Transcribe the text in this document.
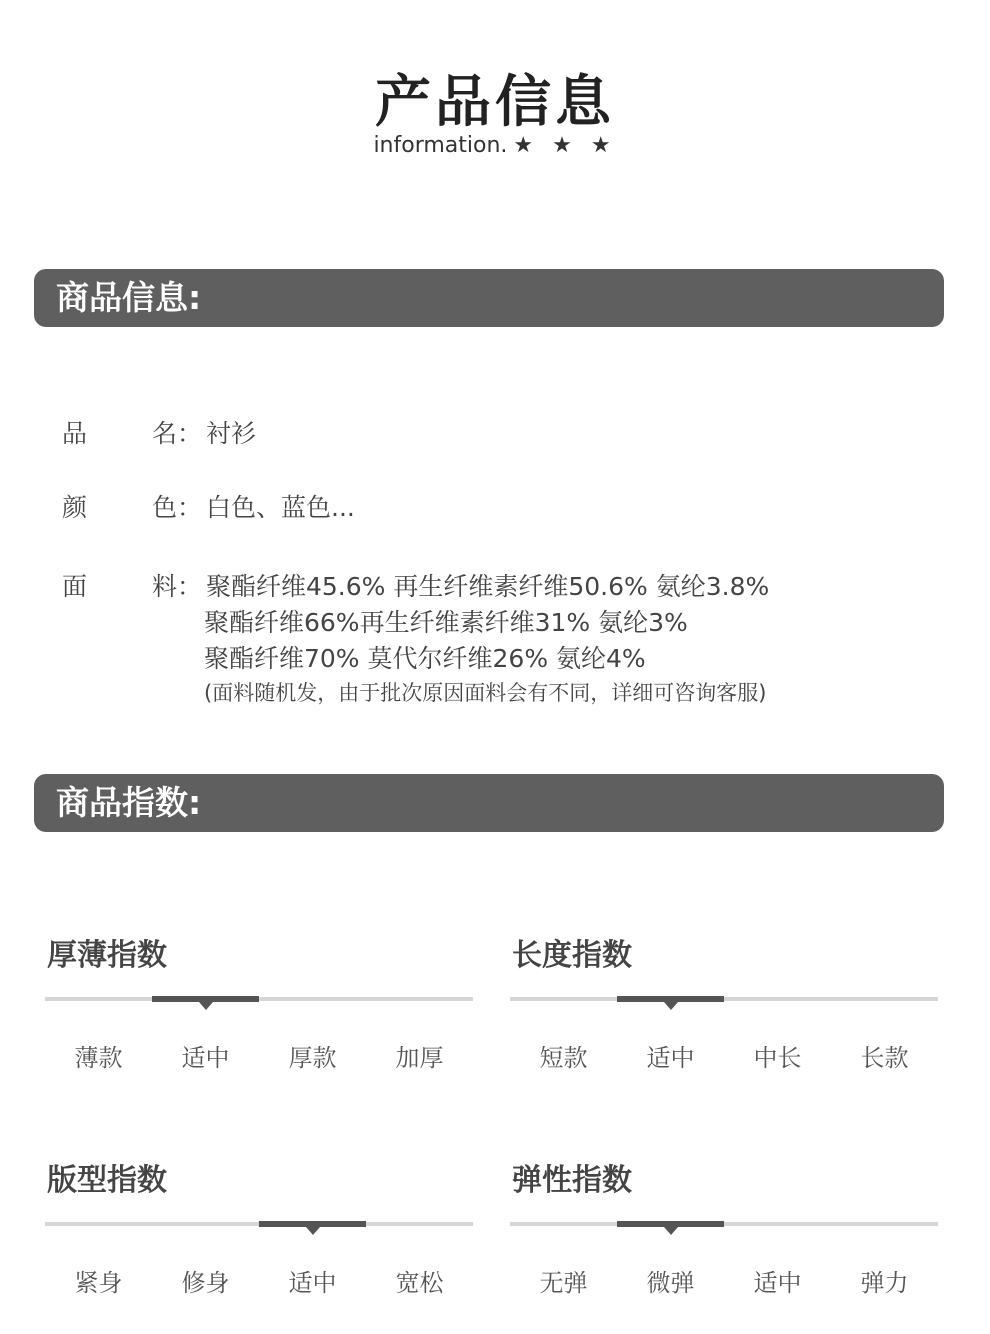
产品信息
information. ★ ★ ★
商品信息:
品	名： 衬衫
颜	色： 白色、蓝色...
面	料： 聚酯纤维45.6% 再生纤维素纤维50.6% 氨纶3.8%
聚酯纤维66%再生纤维素纤维31% 氨纶3%
聚酯纤维70% 莫代尔纤维26% 氨纶4%
(面料随机发，由于批次原因面料会有不同，详细可咨询客服)
商品指数:
厚薄指数
薄款	适中	厚款	加厚
长度指数
短款	适中	中长	长款
版型指数
紧身	修身	适中	宽松
弹性指数
无弹	微弹	适中	弹力
